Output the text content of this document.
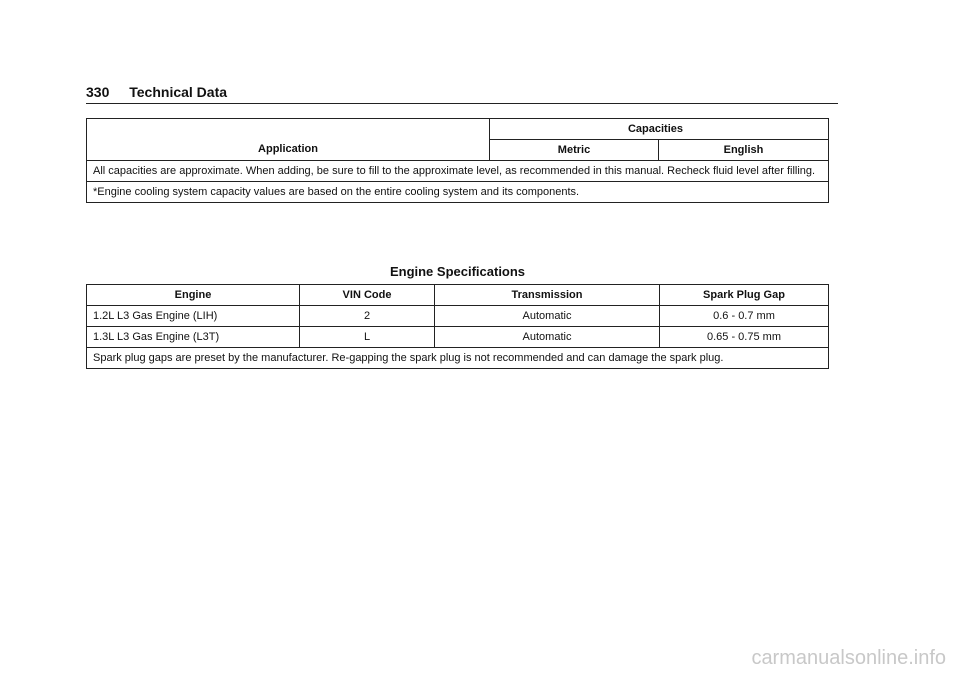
330 Technical Data
Application	Capacities	
	Metric	English
All capacities are approximate. When adding, be sure to fill to the approximate level, as recommended in this manual. Recheck fluid level after filling.		
*Engine cooling system capacity values are based on the entire cooling system and its components.		
Engine Specifications
Engine	VIN Code	Transmission	Spark Plug Gap
1.2L L3 Gas Engine (LIH)	2	Automatic	0.6 - 0.7 mm
1.3L L3 Gas Engine (L3T)	L	Automatic	0.65 - 0.75 mm
Spark plug gaps are preset by the manufacturer. Re-gapping the spark plug is not recommended and can damage the spark plug.			
carmanualsonline.info
